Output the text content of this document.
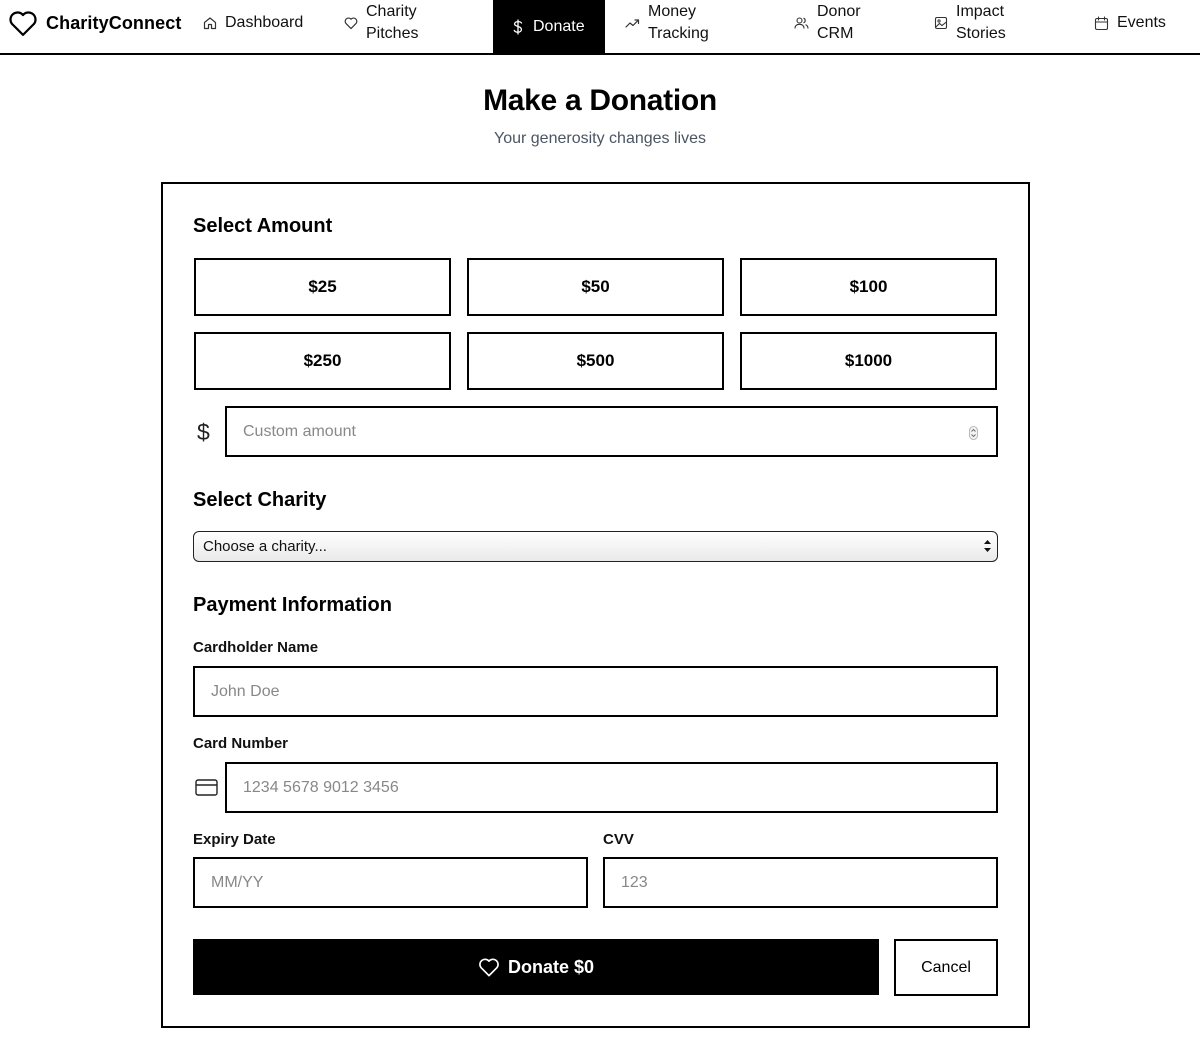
CharityConnect	Dashboard
Charity Pitches	Donate
Money Tracking
Donor CRM
Impact Stories
Events
Make a Donation

Your generosity changes lives

Select Amount
$25	$50	$100
$250	$500	$1000
$ Custom amount
Select Charity
Choose a charity...
Payment Information
Cardholder Name
John Doe
Card Number
1234 5678 9012 3456
Expiry Date
MM/YY
CVV
123
Donate $0	Cancel
